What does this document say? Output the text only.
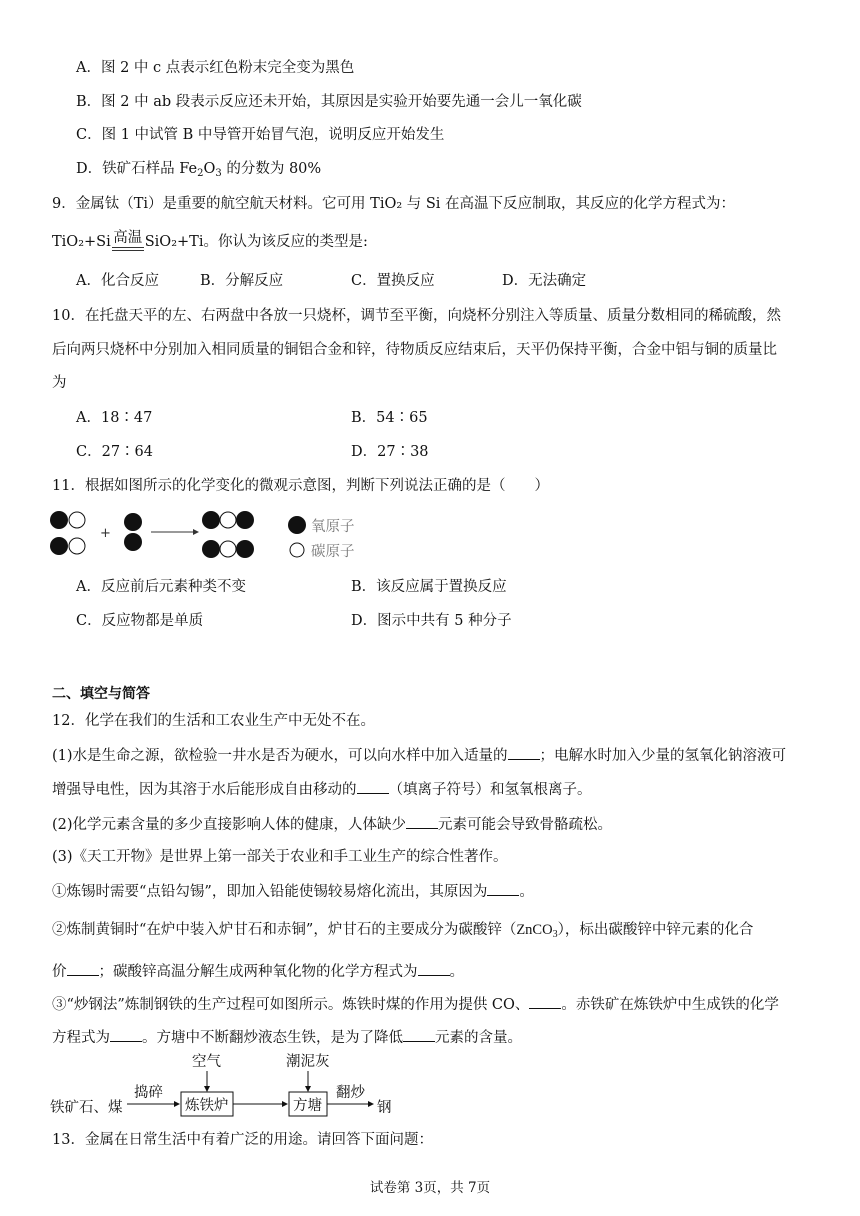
A．图 2 中 c 点表示红色粉末完全变为黑色
B．图 2 中 ab 段表示反应还未开始，其原因是实验开始要先通一会儿一氧化碳
C．图 1 中试管 B 中导管开始冒气泡，说明反应开始发生
D．铁矿石样品 $Fe_2O_3$ 的分数为 80%
9．金属钛（Ti）是重要的航空航天材料。它可用 TiO₂ 与 Si 在高温下反应制取，其反应的化学方程式为：
TiO₂+Si 高温 SiO₂+Ti。你认为该反应的类型是:
A．化合反应	B．分解反应	C．置换反应	D．无法确定
10．在托盘天平的左、右两盘中各放一只烧杯，调节至平衡，向烧杯分别注入等质量、质量分数相同的稀硫酸，然
后向两只烧杯中分别加入相同质量的铜铝合金和锌，待物质反应结束后，天平仍保持平衡，合金中铝与铜的质量比
为
A．18∶47	B．54∶65
C．27∶64	D．27∶38
11．根据如图所示的化学变化的微观示意图，判断下列说法正确的是（　　）
+	氧原子
碳原子
A．反应前后元素种类不变	B．该反应属于置换反应
C．反应物都是单质	D．图示中共有 5 种分子
二、填空与简答
12．化学在我们的生活和工农业生产中无处不在。
(1)水是生命之源，欲检验一井水是否为硬水，可以向水样中加入适量的 ；电解水时加入少量的氢氧化钠溶液可
增强导电性，因为其溶于水后能形成自由移动的 （填离子符号）和氢氧根离子。
(2)化学元素含量的多少直接影响人体的健康，人体缺少 元素可能会导致骨骼疏松。
(3)《天工开物》是世界上第一部关于农业和手工业生产的综合性著作。
①炼锡时需要“点铅勾锡”，即加入铅能使锡较易熔化流出，其原因为 。
②炼制黄铜时“在炉中装入炉甘石和赤铜”，炉甘石的主要成分为碳酸锌（ZnCO$_3$），标出碳酸锌中锌元素的化合
价 ；碳酸锌高温分解生成两种氧化物的化学方程式为 。
③“炒钢法”炼制钢铁的生产过程可如图所示。炼铁时煤的作用为提供 CO、 。赤铁矿在炼铁炉中生成铁的化学
方程式为 。方塘中不断翻炒液态生铁，是为了降低 元素的含量。
铁矿石、煤
捣碎
炼铁炉
空气
方塘
潮泥灰
翻炒
钢
13．金属在日常生活中有着广泛的用途。请回答下面问题：
试卷第 3页，共 7页
